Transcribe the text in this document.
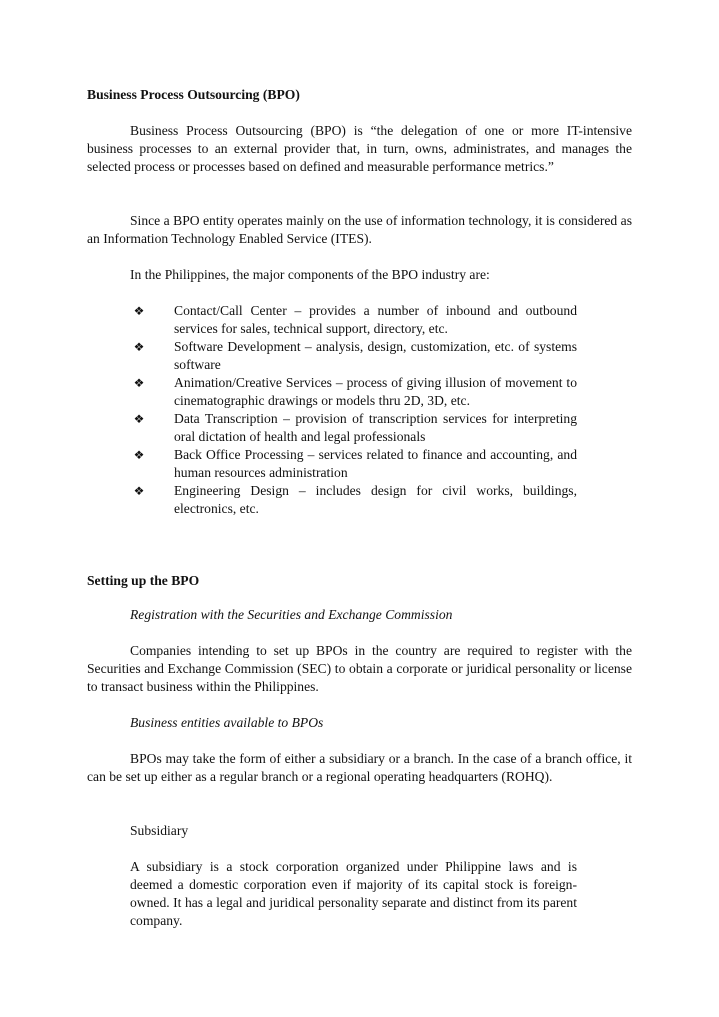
Business Process Outsourcing (BPO)

Business Process Outsourcing (BPO) is “the delegation of one or more IT-intensive business processes to an external provider that, in turn, owns, administrates, and manages the selected process or processes based on defined and measurable performance metrics.”

Since a BPO entity operates mainly on the use of information technology, it is considered as an Information Technology Enabled Service (ITES).

In the Philippines, the major components of the BPO industry are:

❖ Contact/Call Center – provides a number of inbound and outbound services for sales, technical support, directory, etc.
❖ Software Development – analysis, design, customization, etc. of systems software
❖ Animation/Creative Services – process of giving illusion of movement to cinematographic drawings or models thru 2D, 3D, etc.
❖ Data Transcription – provision of transcription services for interpreting oral dictation of health and legal professionals
❖ Back Office Processing – services related to finance and accounting, and human resources administration
❖ Engineering Design – includes design for civil works, buildings, electronics, etc.

Setting up the BPO

Registration with the Securities and Exchange Commission

Companies intending to set up BPOs in the country are required to register with the Securities and Exchange Commission (SEC) to obtain a corporate or juridical personality or license to transact business within the Philippines.

Business entities available to BPOs

BPOs may take the form of either a subsidiary or a branch. In the case of a branch office, it can be set up either as a regular branch or a regional operating headquarters (ROHQ).

Subsidiary

A subsidiary is a stock corporation organized under Philippine laws and is deemed a domestic corporation even if majority of its capital stock is foreign-owned. It has a legal and juridical personality separate and distinct from its parent company.
